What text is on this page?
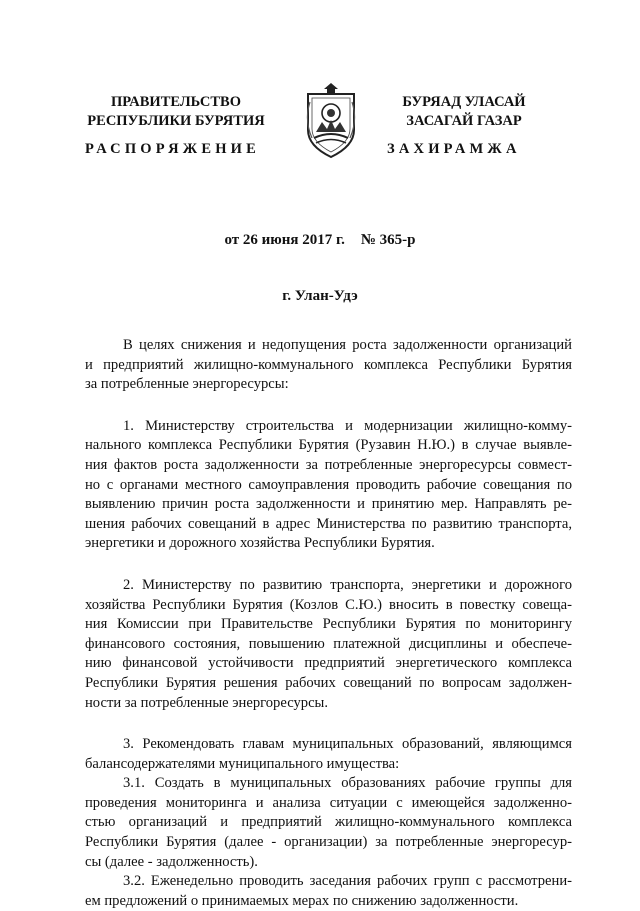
ПРАВИТЕЛЬСТВО
РЕСПУБЛИКИ БУРЯТИЯ
БУРЯАД УЛАСАЙ
ЗАСАГАЙ ГАЗАР
РАСПОРЯЖЕНИЕ	ЗАХИРАМЖА
от 26 июня 2017 г. № 365-р
г. Улан-Удэ
В целях снижения и недопущения роста задолженности организаций
и предприятий жилищно-коммунального комплекса Республики Бурятия
за потребленные энергоресурсы:
1. Министерству строительства и модернизации жилищно-комму-
нального комплекса Республики Бурятия (Рузавин Н.Ю.) в случае выявле-
ния фактов роста задолженности за потребленные энергоресурсы совмест-
но с органами местного самоуправления проводить рабочие совещания по
выявлению причин роста задолженности и принятию мер. Направлять ре-
шения рабочих совещаний в адрес Министерства по развитию транспорта,
энергетики и дорожного хозяйства Республики Бурятия.
2. Министерству по развитию транспорта, энергетики и дорожного
хозяйства Республики Бурятия (Козлов С.Ю.) вносить в повестку совеща-
ния Комиссии при Правительстве Республики Бурятия по мониторингу
финансового состояния, повышению платежной дисциплины и обеспече-
нию финансовой устойчивости предприятий энергетического комплекса
Республики Бурятия решения рабочих совещаний по вопросам задолжен-
ности за потребленные энергоресурсы.
3. Рекомендовать главам муниципальных образований, являющимся
балансодержателями муниципального имущества:
3.1. Создать в муниципальных образованиях рабочие группы для
проведения мониторинга и анализа ситуации с имеющейся задолженно-
стью организаций и предприятий жилищно-коммунального комплекса
Республики Бурятия (далее - организации) за потребленные энергоресур-
сы (далее - задолженность).
3.2. Еженедельно проводить заседания рабочих групп с рассмотрени-
ем предложений о принимаемых мерах по снижению задолженности.
